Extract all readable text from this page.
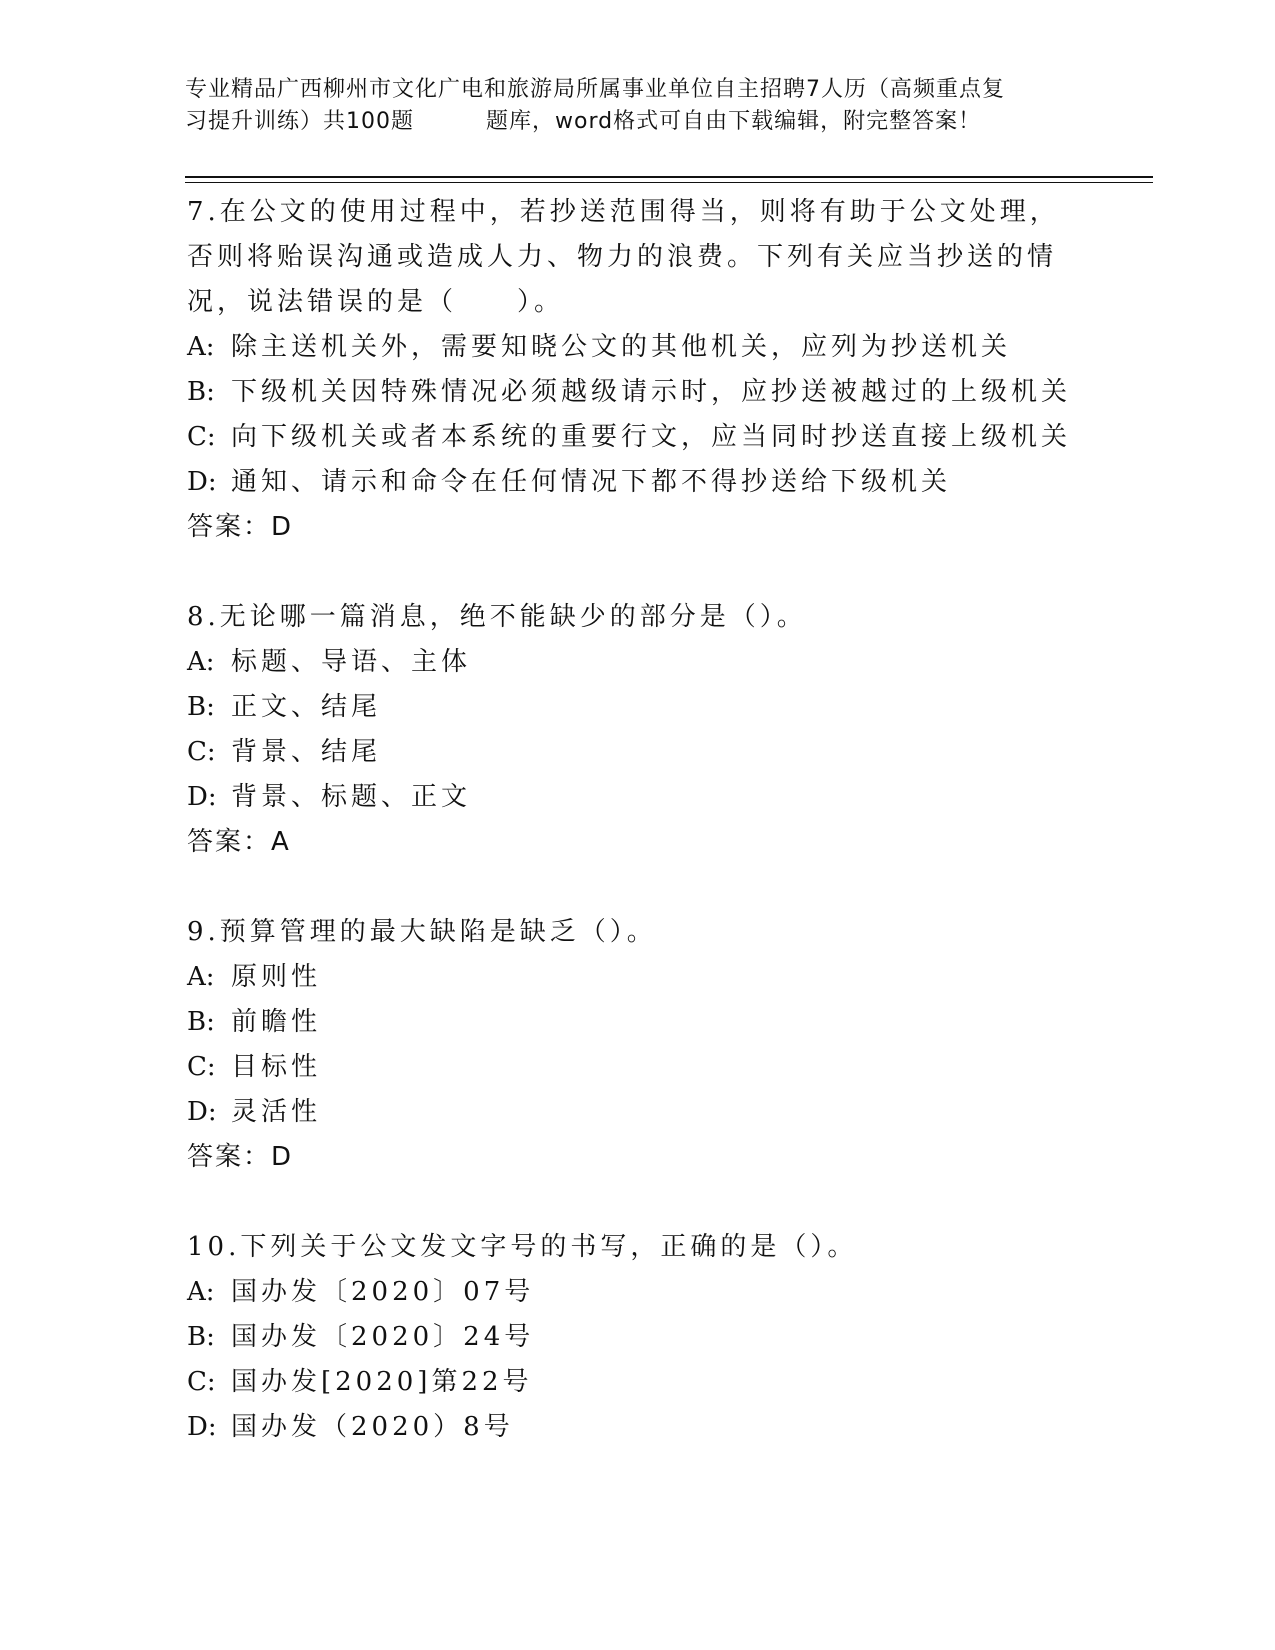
专业精品广西柳州市文化广电和旅游局所属事业单位自主招聘7人历（高频重点复
习提升训练）共100题	题库，word格式可自由下载编辑，附完整答案！
7.在公文的使用过程中，若抄送范围得当，则将有助于公文处理，否则将贻误沟通或造成人力、物力的浪费。下列有关应当抄送的情况，说法错误的是（　　）。
A: 除主送机关外，需要知晓公文的其他机关，应列为抄送机关
B: 下级机关因特殊情况必须越级请示时，应抄送被越过的上级机关
C: 向下级机关或者本系统的重要行文，应当同时抄送直接上级机关
D: 通知、请示和命令在任何情况下都不得抄送给下级机关
答案：D
8.无论哪一篇消息，绝不能缺少的部分是（）。
A: 标题、导语、主体
B: 正文、结尾
C: 背景、结尾
D: 背景、标题、正文
答案：A
9.预算管理的最大缺陷是缺乏（）。
A: 原则性
B: 前瞻性
C: 目标性
D: 灵活性
答案：D
10.下列关于公文发文字号的书写，正确的是（）。
A: 国办发〔2020〕07号
B: 国办发〔2020〕24号
C: 国办发[2020]第22号
D: 国办发（2020）8号
